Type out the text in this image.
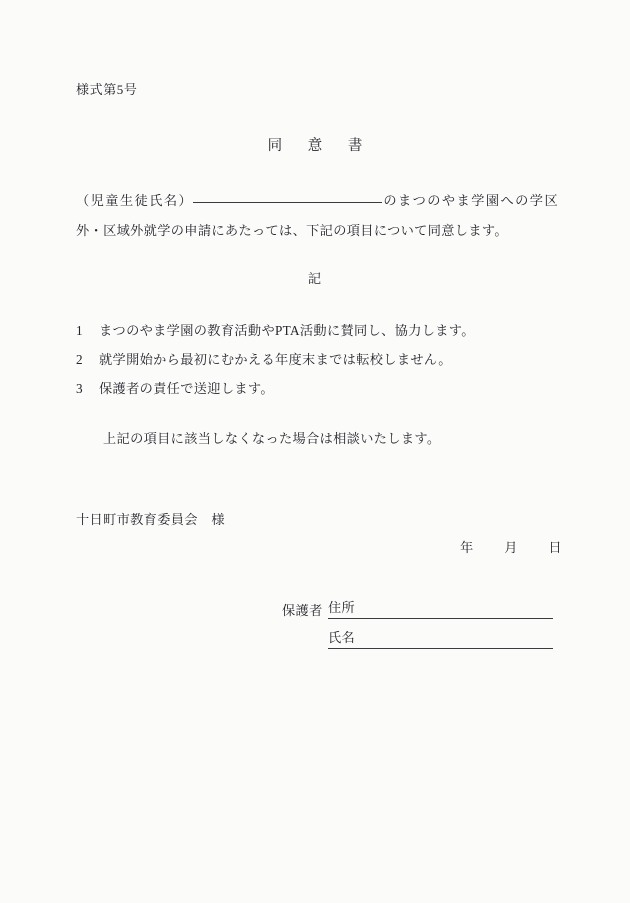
様式第5号
同 意 書
（児童生徒氏名）	のまつのやま学園への学区外・区域外就学の申請にあたっては、下記の項目について同意します。
記
1	まつのやま学園の教育活動やPTA活動に賛同し、協力します。
2	就学開始から最初にむかえる年度末までは転校しません。
3	保護者の責任で送迎します。
上記の項目に該当しなくなった場合は相談いたします。
十日町市教育委員会　様
年 月 日
保護者 住所
氏名
